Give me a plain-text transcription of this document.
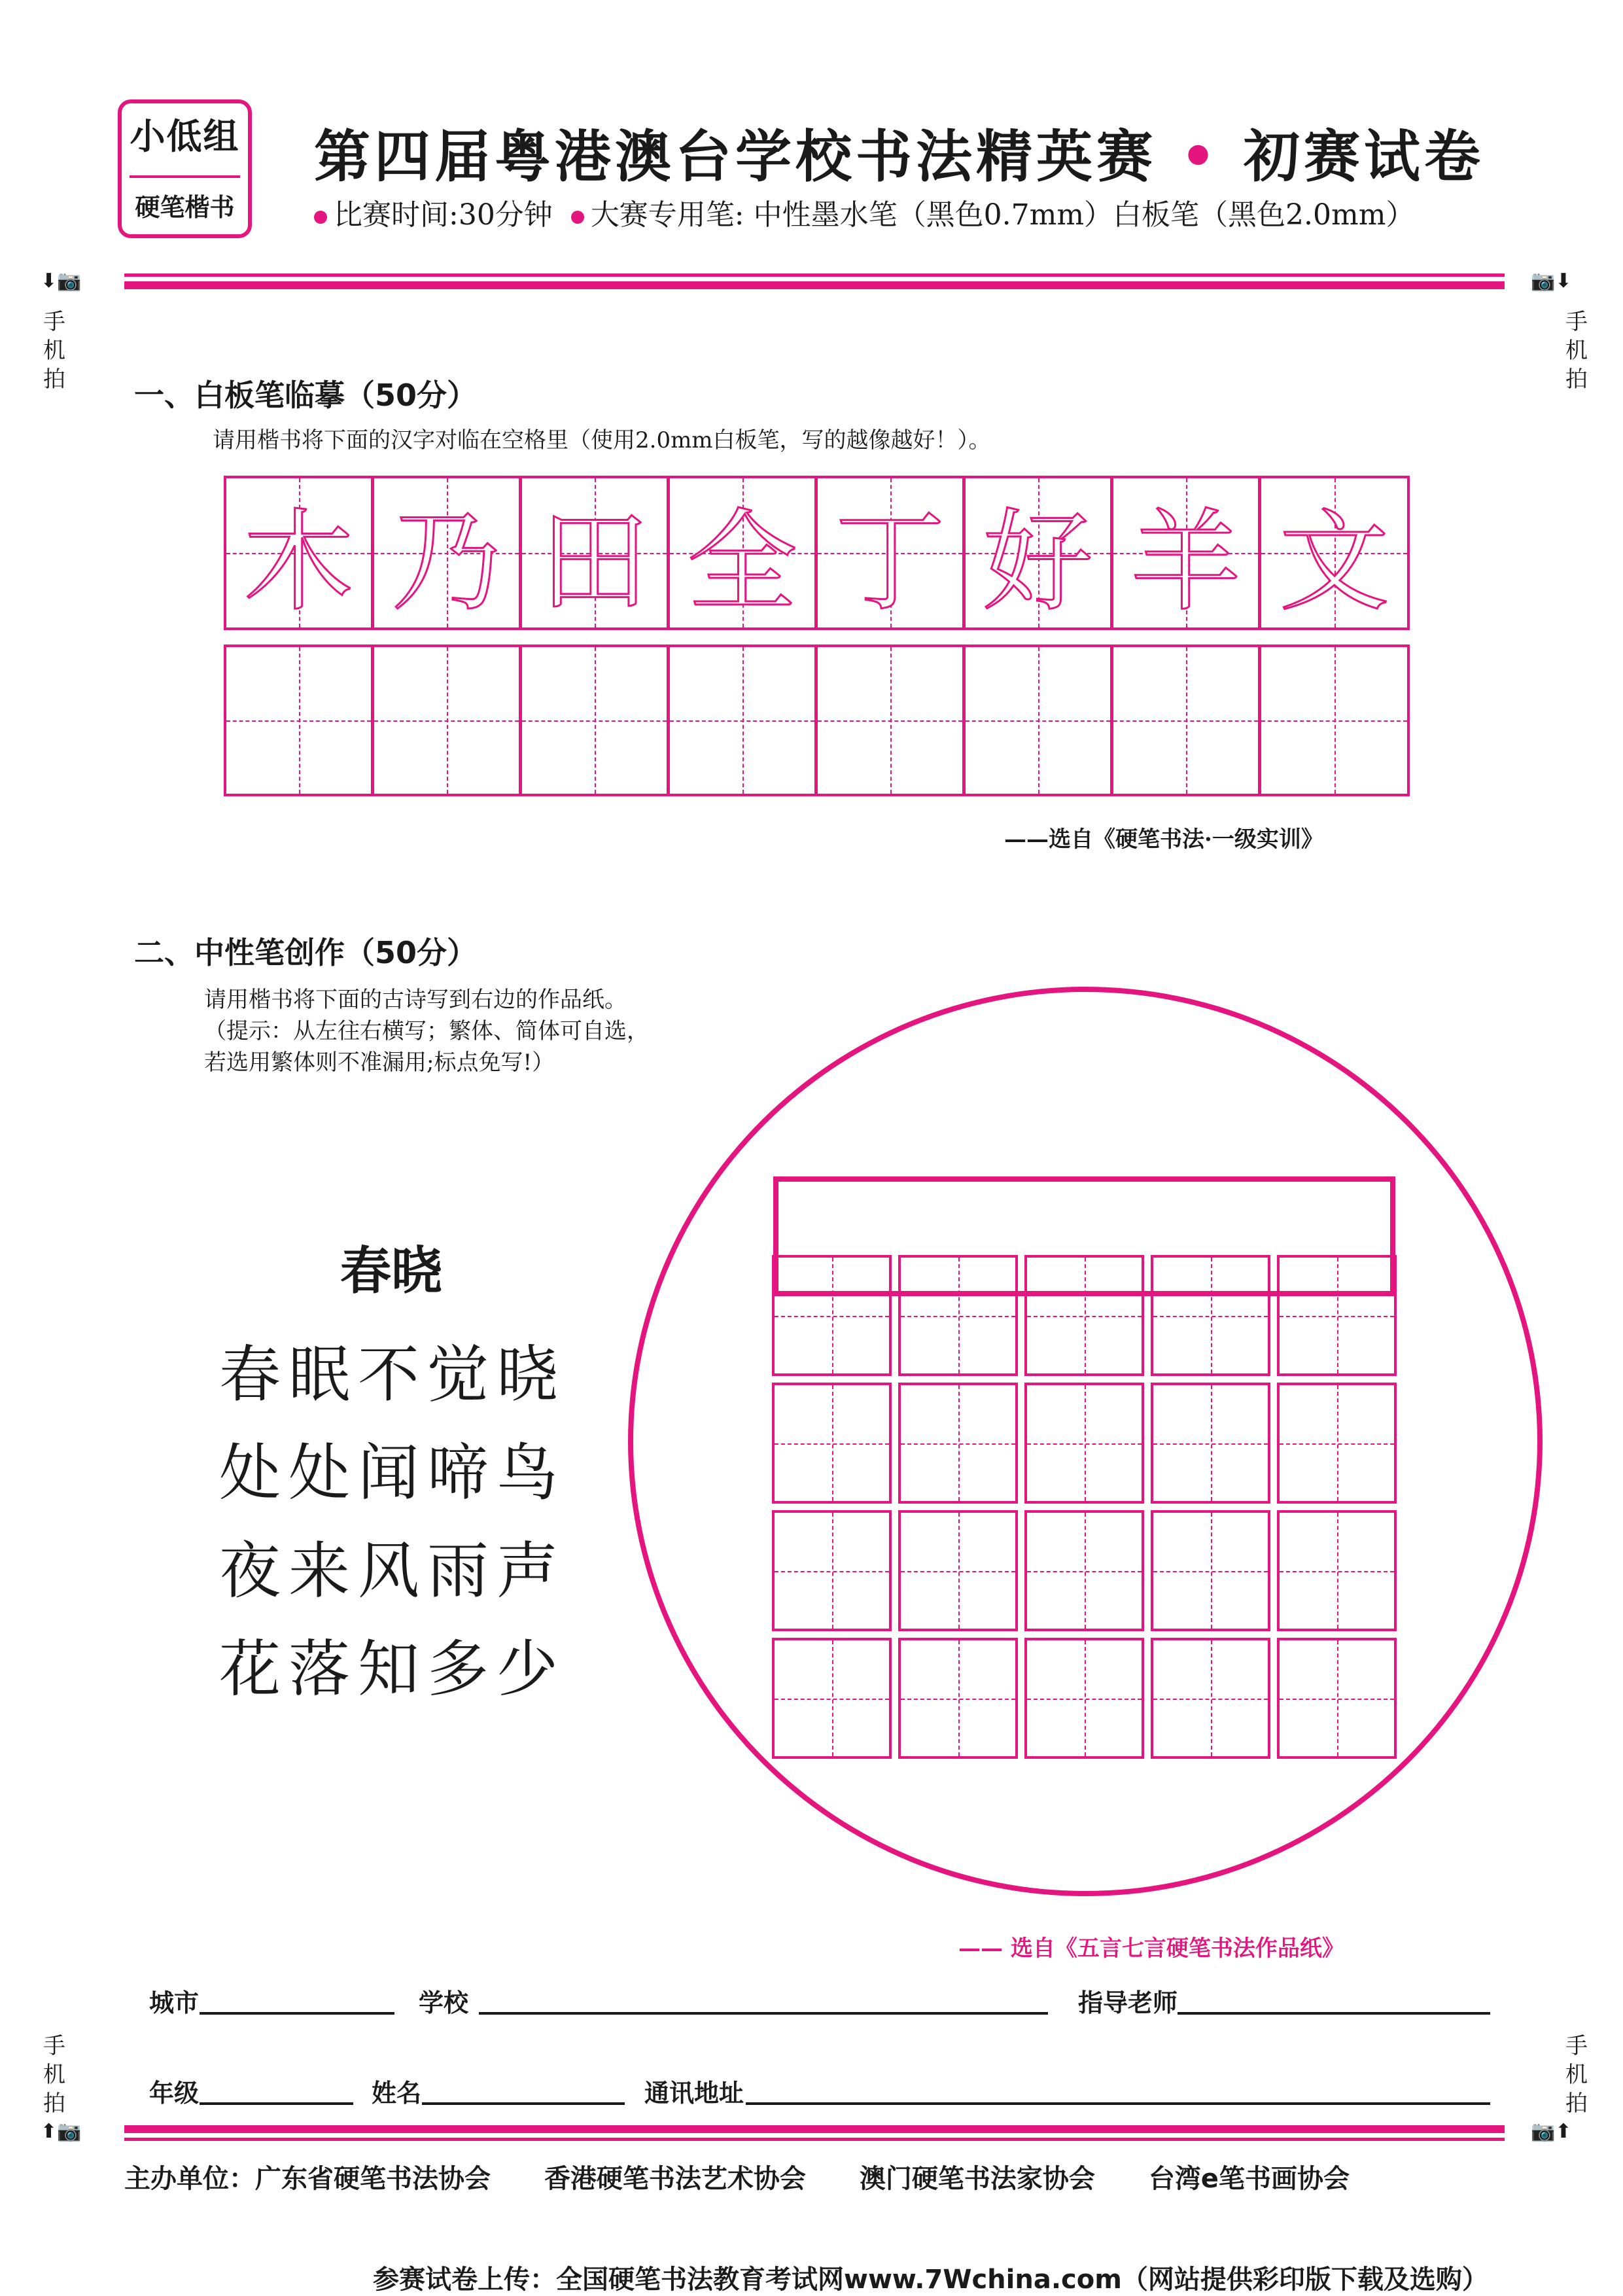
小低组
硬笔楷书
第四届粤港澳台学校书法精英赛 • 初赛试卷
比赛时间:30分钟 大赛专用笔: 中性墨水笔（黑色0.7mm）白板笔（黑色2.0mm）
⬇📷
手机拍
📷⬇
手机拍
一、白板笔临摹（50分）
请用楷书将下面的汉字对临在空格里（使用2.0mm白板笔，写的越像越好！）。
木 乃 田 全 丁 好 羊 文
——选自《硬笔书法·一级实训》
二、中性笔创作（50分）
请用楷书将下面的古诗写到右边的作品纸。
（提示：从左往右横写；繁体、简体可自选，
若选用繁体则不准漏用;标点免写!）
春晓
春眠不觉晓
处处闻啼鸟
夜来风雨声
花落知多少
—— 选自《五言七言硬笔书法作品纸》
城市	学校	指导老师
年级	姓名	通讯地址
手机拍
⬆📷
手机拍
📷⬆
主办单位：广东省硬笔书法协会 香港硬笔书法艺术协会 澳门硬笔书法家协会 台湾e笔书画协会
参赛试卷上传：全国硬笔书法教育考试网www.7Wchina.com（网站提供彩印版下载及选购）
